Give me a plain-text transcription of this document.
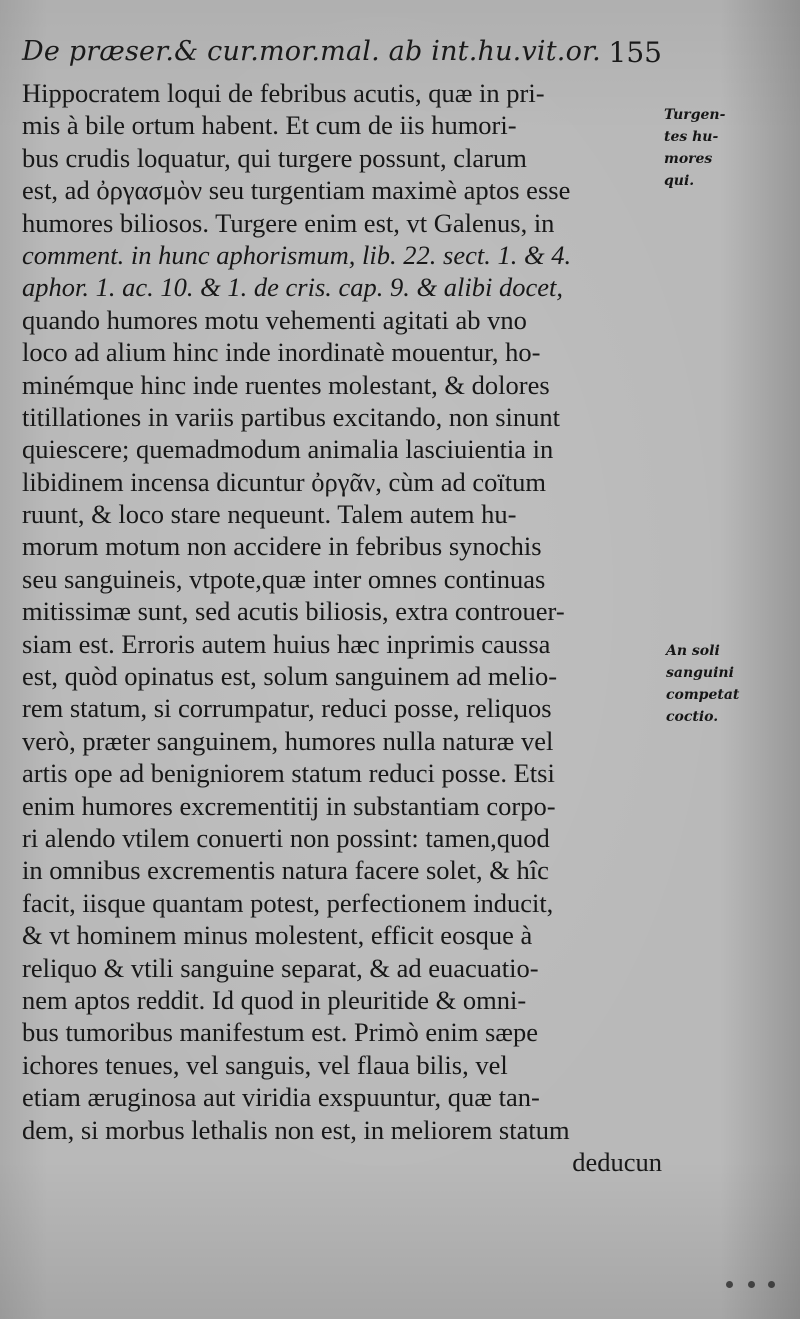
De præser.& cur.mor.mal. ab int.hu.vit.or. 155
Hippocratem loqui de febribus acutis, quæ in pri-
mis à bile ortum habent. Et cum de iis humori-
bus crudis loquatur, qui turgere possunt, clarum
est, ad ὀργασμὸν seu turgentiam maximè aptos esse
humores biliosos. Turgere enim est, vt Galenus, in
comment. in hunc aphorismum, lib. 22. sect. 1. & 4.
aphor. 1. ac. 10. & 1. de cris. cap. 9. & alibi docet,
quando humores motu vehementi agitati ab vno
loco ad alium hinc inde inordinatè mouentur, ho-
minémque hinc inde ruentes molestant, & dolores
titillationes in variis partibus excitando, non sinunt
quiescere; quemadmodum animalia lasciuientia in
libidinem incensa dicuntur ὀργᾶν, cùm ad coïtum
ruunt, & loco stare nequeunt. Talem autem hu-
morum motum non accidere in febribus synochis
seu sanguineis, vtpote,quæ inter omnes continuas
mitissimæ sunt, sed acutis biliosis, extra controuer-
siam est. Erroris autem huius hæc inprimis caussa
est, quòd opinatus est, solum sanguinem ad melio-
rem statum, si corrumpatur, reduci posse, reliquos
verò, præter sanguinem, humores nulla naturæ vel
artis ope ad benigniorem statum reduci posse. Etsi
enim humores excrementitij in substantiam corpo-
ri alendo vtilem conuerti non possint: tamen,quod
in omnibus excrementis natura facere solet, & hîc
facit, iisque quantam potest, perfectionem inducit,
& vt hominem minus molestent, efficit eosque à
reliquo & vtili sanguine separat, & ad euacuatio-
nem aptos reddit. Id quod in pleuritide & omni-
bus tumoribus manifestum est. Primò enim sæpe
ichores tenues, vel sanguis, vel flaua bilis, vel
etiam æruginosa aut viridia exspuuntur, quæ tan-
dem, si morbus lethalis non est, in meliorem statum
deducun
Turgen-
tes hu-
mores
qui.
An soli
sanguini
competat
coctio.
